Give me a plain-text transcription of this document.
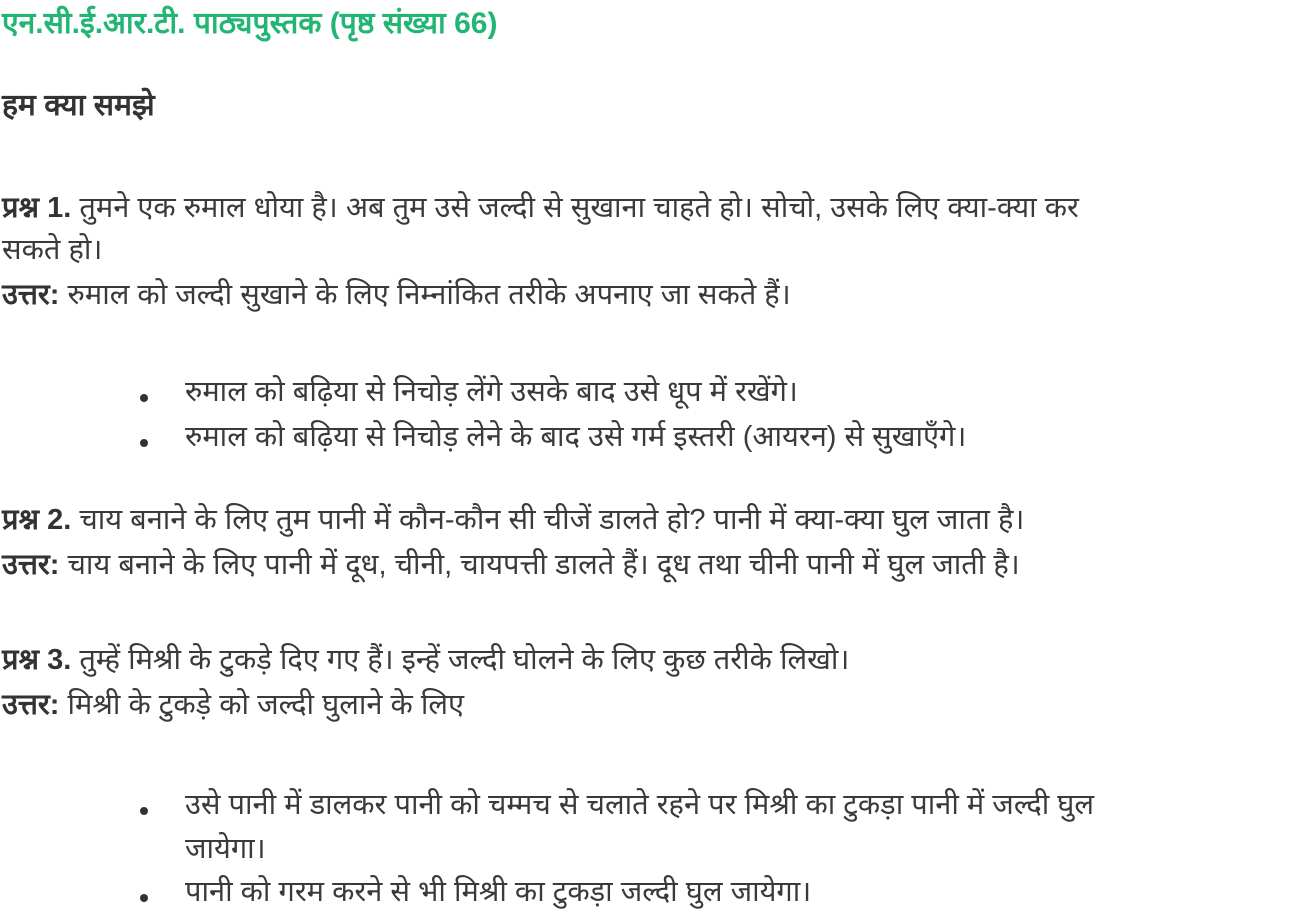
एन.सी.ई.आर.टी. पाठ्यपुस्तक (पृष्ठ संख्या 66)
हम क्या समझे
प्रश्न 1. तुमने एक रुमाल धोया है। अब तुम उसे जल्दी से सुखाना चाहते हो। सोचो, उसके लिए क्या-क्या कर
सकते हो।
उत्तर: रुमाल को जल्दी सुखाने के लिए निम्नांकित तरीके अपनाए जा सकते हैं।
रुमाल को बढ़िया से निचोड़ लेंगे उसके बाद उसे धूप में रखेंगे।
रुमाल को बढ़िया से निचोड़ लेने के बाद उसे गर्म इस्तरी (आयरन) से सुखाएँगे।
प्रश्न 2. चाय बनाने के लिए तुम पानी में कौन-कौन सी चीजें डालते हो? पानी में क्या-क्या घुल जाता है।
उत्तर: चाय बनाने के लिए पानी में दूध, चीनी, चायपत्ती डालते हैं। दूध तथा चीनी पानी में घुल जाती है।
प्रश्न 3. तुम्हें मिश्री के टुकड़े दिए गए हैं। इन्हें जल्दी घोलने के लिए कुछ तरीके लिखो।
उत्तर: मिश्री के टुकड़े को जल्दी घुलाने के लिए
उसे पानी में डालकर पानी को चम्मच से चलाते रहने पर मिश्री का टुकड़ा पानी में जल्दी घुल
जायेगा।
पानी को गरम करने से भी मिश्री का टुकड़ा जल्दी घुल जायेगा।
